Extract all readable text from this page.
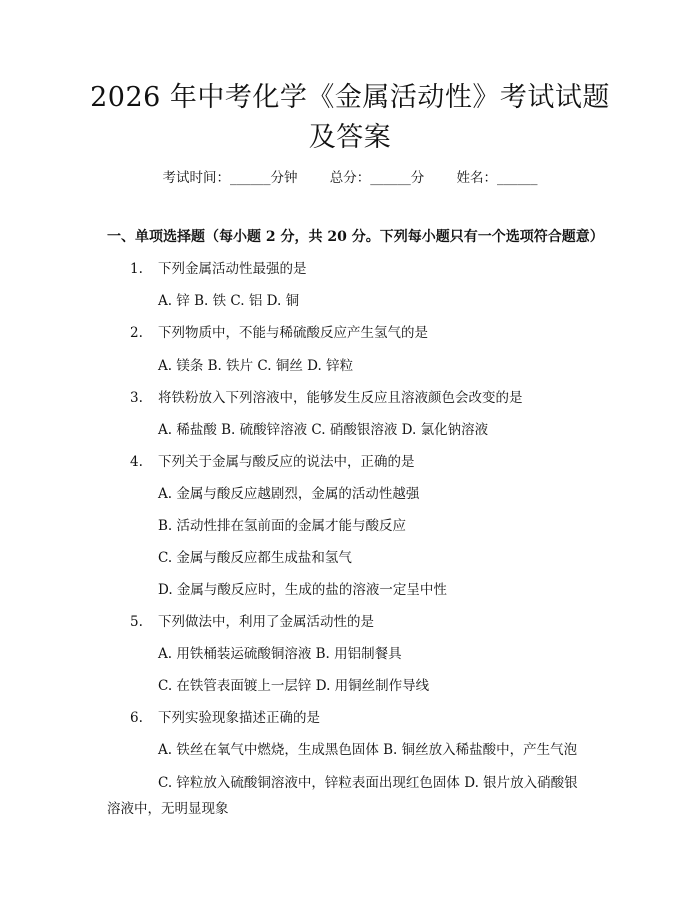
2026 年中考化学《金属活动性》考试试题及答案
考试时间：______分钟 总分：______分 姓名：______
一、单项选择题（每小题 2 分，共 20 分。下列每小题只有一个选项符合题意）
1.	下列金属活动性最强的是
A. 锌 B. 铁 C. 铝 D. 铜
2.	下列物质中，不能与稀硫酸反应产生氢气的是
A. 镁条 B. 铁片 C. 铜丝 D. 锌粒
3.	将铁粉放入下列溶液中，能够发生反应且溶液颜色会改变的是
A. 稀盐酸 B. 硫酸锌溶液 C. 硝酸银溶液 D. 氯化钠溶液
4.	下列关于金属与酸反应的说法中，正确的是
A. 金属与酸反应越剧烈，金属的活动性越强
B. 活动性排在氢前面的金属才能与酸反应
C. 金属与酸反应都生成盐和氢气
D. 金属与酸反应时，生成的盐的溶液一定呈中性
5.	下列做法中，利用了金属活动性的是
A. 用铁桶装运硫酸铜溶液 B. 用铝制餐具
C. 在铁管表面镀上一层锌 D. 用铜丝制作导线
6.	下列实验现象描述正确的是
A. 铁丝在氧气中燃烧，生成黑色固体 B. 铜丝放入稀盐酸中，产生气泡
C. 锌粒放入硫酸铜溶液中，锌粒表面出现红色固体 D. 银片放入硝酸银
溶液中，无明显现象
